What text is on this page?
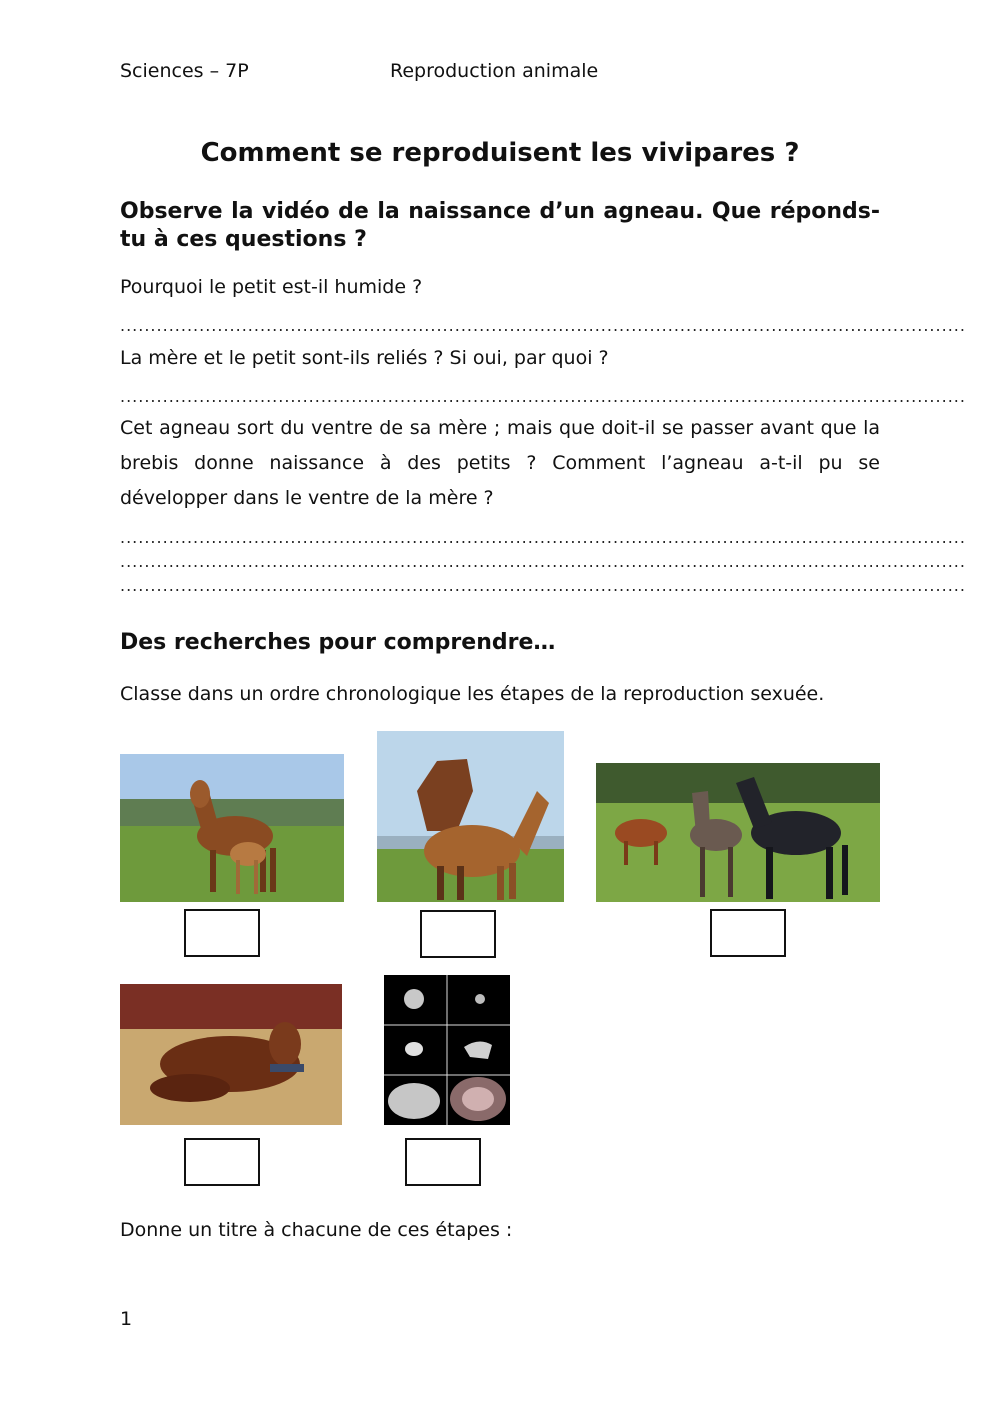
Sciences – 7P	Reproduction animale
Comment se reproduisent les vivipares ?
Observe la vidéo de la naissance d’un agneau. Que réponds-tu à ces questions ?
Pourquoi le petit est-il humide ?
...........................................................................................................................................
La mère et le petit sont-ils reliés ? Si oui, par quoi ?
...........................................................................................................................................
Cet agneau sort du ventre de sa mère ; mais que doit-il se passer avant que la brebis donne naissance à des petits ? Comment l’agneau a-t-il pu se développer dans le ventre de la mère ?
...........................................................................................................................................
...........................................................................................................................................
...........................................................................................................................................
Des recherches pour comprendre…
Classe dans un ordre chronologique les étapes de la reproduction sexuée.
Donne un titre à chacune de ces étapes :
1
